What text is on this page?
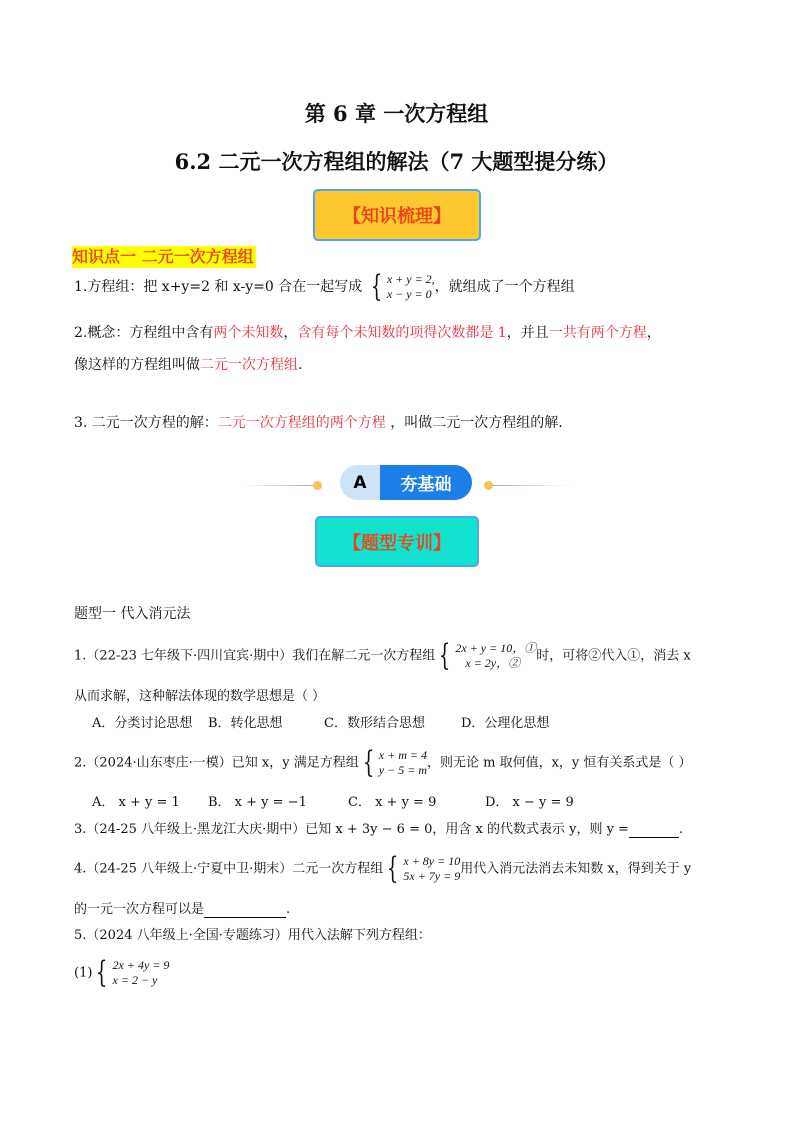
第 6 章 一次方程组
6.2 二元一次方程组的解法（7 大题型提分练）
【知识梳理】
知识点一 二元一次方程组
1.方程组：把 x+y=2 和 x-y=0 合在一起写成 { x + y = 2,
x − y = 0 ，就组成了一个方程组
2.概念：方程组中含有两个未知数，含有每个未知数的项得次数都是 1，并且一共有两个方程，
像这样的方程组叫做二元一次方程组.
3. 二元一次方程的解：二元一次方程组的两个方程 ，叫做二元一次方程组的解.
A	夯基础
【题型专训】
题型一 代入消元法
1.（22-23 七年级下·四川宜宾·期中）我们在解二元一次方程组 { 2x + y = 10，①
x = 2y，②	时，可将②代入①，消去 x
从而求解，这种解法体现的数学思想是（ ）
A．分类讨论思想 B．转化思想	C．数形结合思想	D．公理化思想
2.（2024·山东枣庄·一模）已知 x，y 满足方程组 { x + m = 4
y − 5 = m ，则无论 m 取何值，x，y 恒有关系式是（ ）
A． x + y = 1 B． x + y = −1	C． x + y = 9	D． x − y = 9
3.（24-25 八年级上·黑龙江大庆·期中）已知 x + 3y − 6 = 0，用含 x 的代数式表示 y，则 y =	.
4.（24-25 八年级上·宁夏中卫·期末）二元一次方程组 { x + 8y = 10
5x + 7y = 9 用代入消元法消去未知数 x，得到关于 y
的一元一次方程可以是	.
5.（2024 八年级上·全国·专题练习）用代入法解下列方程组：
(1) { 2x + 4y = 9
x = 2 − y
